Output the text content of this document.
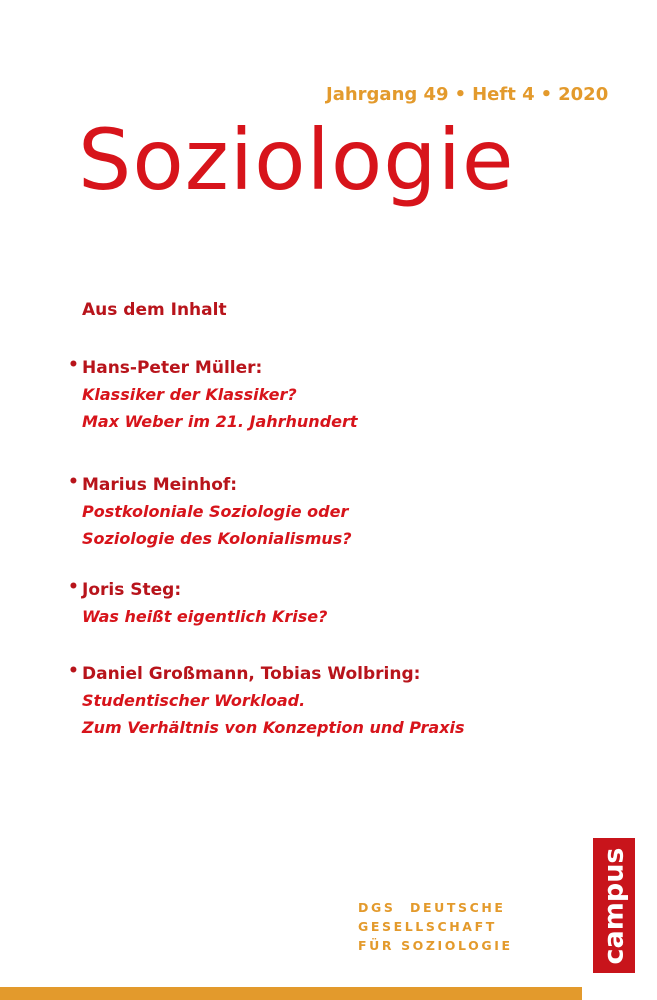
Jahrgang 49 • Heft 4 • 2020
Soziologie
Aus dem Inhalt
• Hans-Peter Müller:
Klassiker der Klassiker?
Max Weber im 21. Jahrhundert
• Marius Meinhof:
Postkoloniale Soziologie oder
Soziologie des Kolonialismus?
• Joris Steg:
Was heißt eigentlich Krise?
• Daniel Großmann, Tobias Wolbring:
Studentischer Workload.
Zum Verhältnis von Konzeption und Praxis
DGS DEUTSCHE
GESELLSCHAFT
FÜR SOZIOLOGIE	campus
